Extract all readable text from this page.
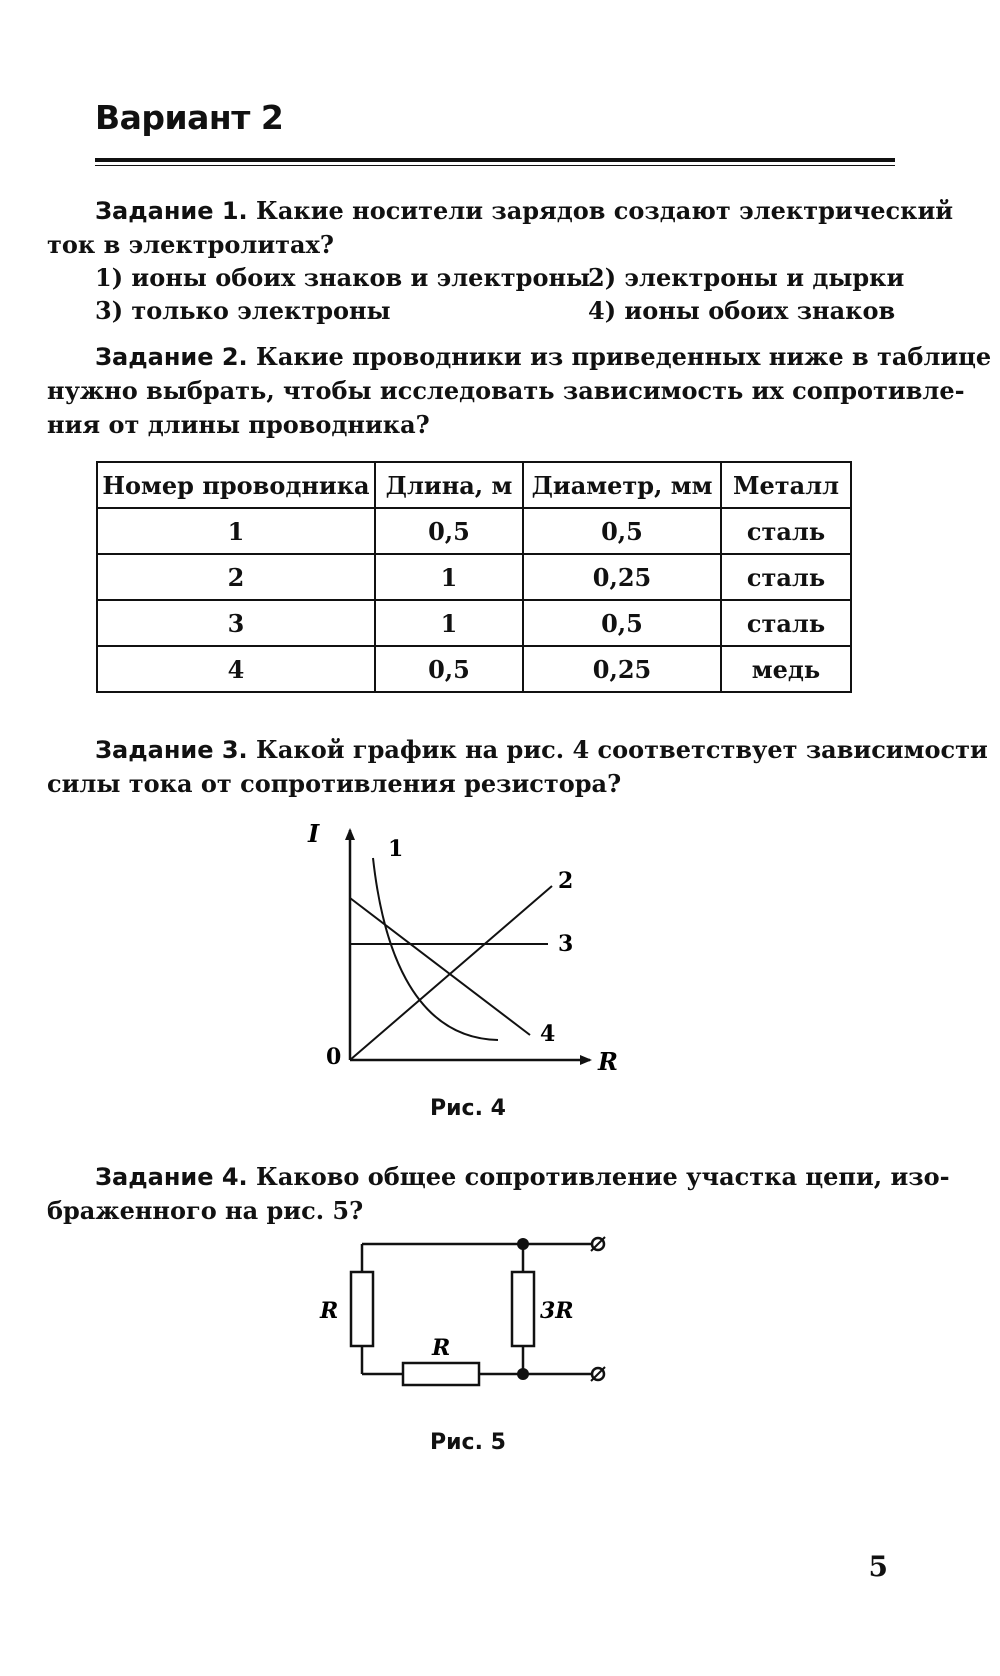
Вариант 2
Задание 1. Какие носители зарядов создают электрический
ток в электролитах?
1) ионы обоих знаков и электроны
2) электроны и дырки
3) только электроны	4) ионы обоих знаков
Задание 2. Какие проводники из приведенных ниже в таблице
нужно выбрать, чтобы исследовать зависимость их сопротивле-
ния от длины проводника?
Номер проводника	Длина, м	Диаметр, мм	Металл
1	0,5	0,5	сталь
2	1	0,25	сталь
3	1	0,5	сталь
4	0,5	0,25	медь
Задание 3. Какой график на рис. 4 соответствует зависимости
силы тока от сопротивления резистора?
I
R
0
1
2
3
4
Рис. 4
Задание 4. Каково общее сопротивление участка цепи, изо-
браженного на рис. 5?
R
R
3R
Рис. 5
5
